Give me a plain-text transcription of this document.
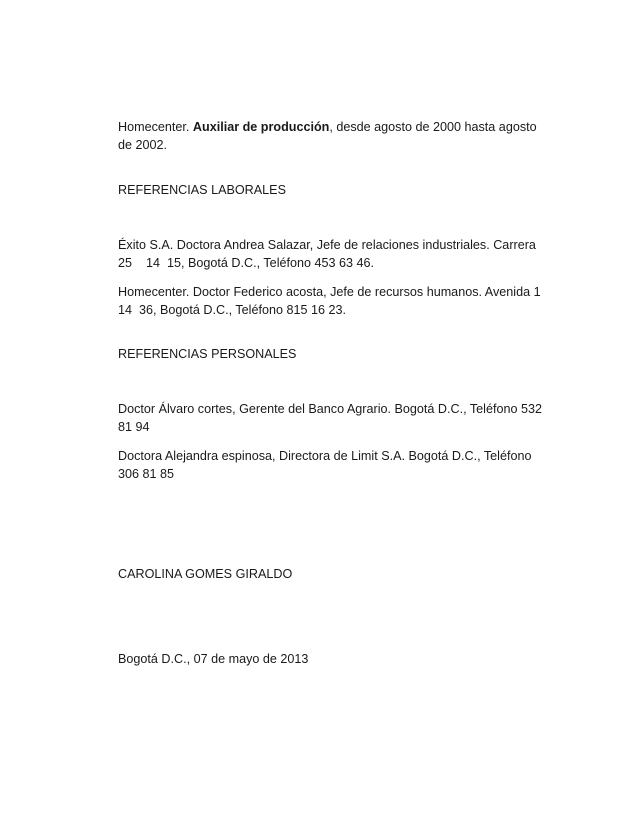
Homecenter. Auxiliar de producción, desde agosto de 2000 hasta agosto
de 2002.

REFERENCIAS LABORALES

Éxito S.A. Doctora Andrea Salazar, Jefe de relaciones industriales. Carrera
25    14  15, Bogotá D.C., Teléfono 453 63 46.

Homecenter. Doctor Federico acosta, Jefe de recursos humanos. Avenida 1
14  36, Bogotá D.C., Teléfono 815 16 23.

REFERENCIAS PERSONALES

Doctor Álvaro cortes, Gerente del Banco Agrario. Bogotá D.C., Teléfono 532
81 94

Doctora Alejandra espinosa, Directora de Limit S.A. Bogotá D.C., Teléfono
306 81 85

CAROLINA GOMES GIRALDO

Bogotá D.C., 07 de mayo de 2013
